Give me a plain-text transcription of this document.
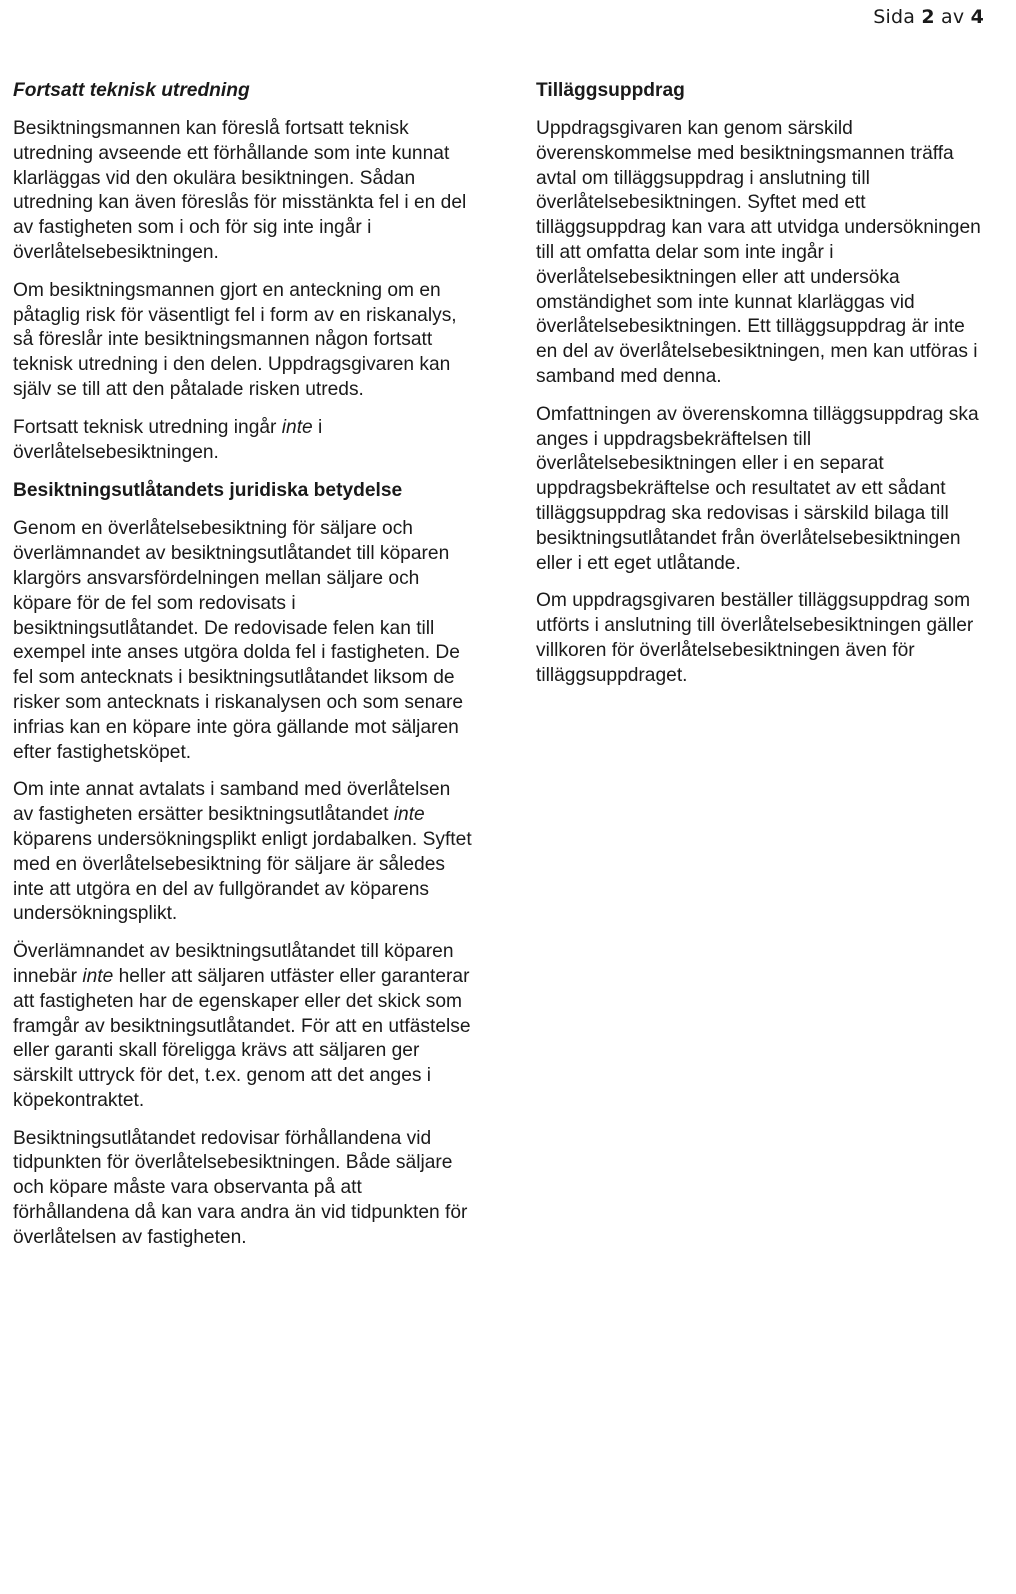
Sida 2 av 4
Fortsatt teknisk utredning

Besiktningsmannen kan föreslå fortsatt teknisk utredning avseende ett förhållande som inte kunnat klarläggas vid den okulära besiktningen. Sådan utredning kan även föreslås för misstänkta fel i en del av fastigheten som i och för sig inte ingår i överlåtelsebesiktningen.

Om besiktningsmannen gjort en anteckning om en påtaglig risk för väsentligt fel i form av en riskanalys, så föreslår inte besiktningsmannen någon fortsatt teknisk utredning i den delen. Uppdragsgivaren kan själv se till att den påtalade risken utreds.

Fortsatt teknisk utredning ingår inte i överlåtelsebesiktningen.

Besiktningsutlåtandets juridiska betydelse

Genom en överlåtelsebesiktning för säljare och överlämnandet av besiktningsutlåtandet till köparen klargörs ansvarsfördelningen mellan säljare och köpare för de fel som redovisats i besiktningsutlåtandet. De redovisade felen kan till exempel inte anses utgöra dolda fel i fastigheten. De fel som antecknats i besiktningsutlåtandet liksom de risker som antecknats i riskanalysen och som senare infrias kan en köpare inte göra gällande mot säljaren efter fastighetsköpet.

Om inte annat avtalats i samband med överlåtelsen av fastigheten ersätter besiktningsutlåtandet inte köparens undersökningsplikt enligt jordabalken. Syftet med en överlåtelsebesiktning för säljare är således inte att utgöra en del av fullgörandet av köparens undersökningsplikt.

Överlämnandet av besiktningsutlåtandet till köparen innebär inte heller att säljaren utfäster eller garanterar att fastigheten har de egenskaper eller det skick som framgår av besiktningsutlåtandet. För att en utfästelse eller garanti skall föreligga krävs att säljaren ger särskilt uttryck för det, t.ex. genom att det anges i köpekontraktet.

Besiktningsutlåtandet redovisar förhållandena vid tidpunkten för överlåtelsebesiktningen. Både säljare och köpare måste vara observanta på att förhållandena då kan vara andra än vid tidpunkten för överlåtelsen av fastigheten.

Tilläggsuppdrag

Uppdragsgivaren kan genom särskild överenskommelse med besiktningsmannen träffa avtal om tilläggsuppdrag i anslutning till överlåtelsebesiktningen. Syftet med ett tilläggsuppdrag kan vara att utvidga undersökningen till att omfatta delar som inte ingår i överlåtelsebesiktningen eller att undersöka omständighet som inte kunnat klarläggas vid överlåtelsebesiktningen. Ett tilläggsuppdrag är inte en del av överlåtelsebesiktningen, men kan utföras i samband med denna.

Omfattningen av överenskomna tilläggsuppdrag ska anges i uppdragsbekräftelsen till överlåtelsebesiktningen eller i en separat uppdragsbekräftelse och resultatet av ett sådant tilläggsuppdrag ska redovisas i särskild bilaga till besiktningsutlåtandet från överlåtelsebesiktningen eller i ett eget utlåtande.

Om uppdragsgivaren beställer tilläggsuppdrag som utförts i anslutning till överlåtelsebesiktningen gäller villkoren för överlåtelsebesiktningen även för tilläggsuppdraget.
